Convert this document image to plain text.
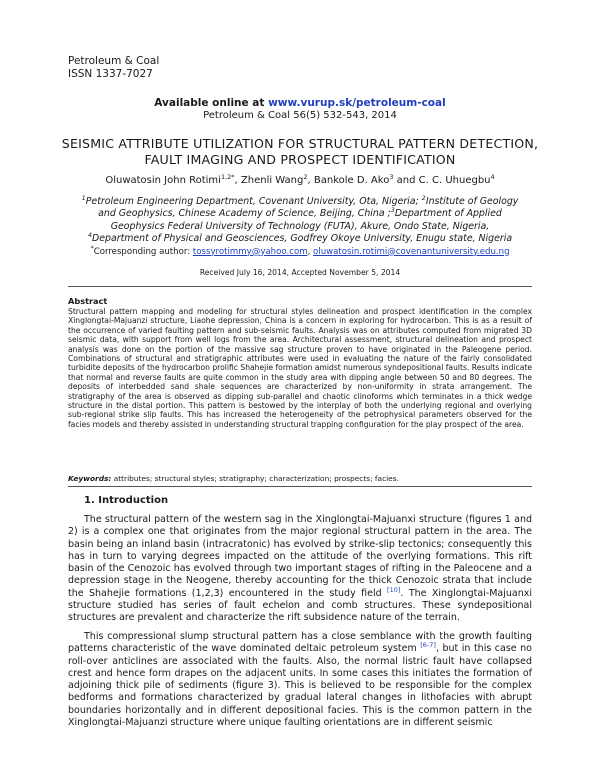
Petroleum & Coal
ISSN 1337-7027
Available online at www.vurup.sk/petroleum-coal
Petroleum & Coal 56(5) 532-543, 2014
SEISMIC ATTRIBUTE UTILIZATION FOR STRUCTURAL PATTERN DETECTION,
FAULT IMAGING AND PROSPECT IDENTIFICATION
Oluwatosin John Rotimi$^{1,2*}$, Zhenli Wang$^2$, Bankole D. Ako$^3$ and C. C. Uhuegbu$^4$
$^1$Petroleum Engineering Department, Covenant University, Ota, Nigeria; $^2$Institute of Geology
and Geophysics, Chinese Academy of Science, Beijing, China ;$^3$Department of Applied
Geophysics Federal University of Technology (FUTA), Akure, Ondo State, Nigeria,
$^4$Department of Physical and Geosciences, Godfrey Okoye University, Enugu state, Nigeria
*Corresponding author: tossyrotimmy@yahoo.com, oluwatosin.rotimi@covenantuniversity.edu.ng
Received July 16, 2014, Accepted November 5, 2014
Abstract
Structural pattern mapping and modeling for structural styles delineation and prospect identification in the complex Xinglongtai-Majuanzi structure, Liaohe depression, China is a concern in exploring for hydrocarbon. This is as a result of the occurrence of varied faulting pattern and sub-seismic faults. Analysis was on attributes computed from migrated 3D seismic data, with support from well logs from the area. Architectural assessment, structural delineation and prospect analysis was done on the portion of the massive sag structure proven to have originated in the Paleogene period. Combinations of structural and stratigraphic attributes were used in evaluating the nature of the fairly consolidated turbidite deposits of the hydrocarbon prolific Shahejie formation amidst numerous syndepositional faults. Results indicate that normal and reverse faults are quite common in the study area with dipping angle between 50 and 80 degrees. The deposits of interbedded sand shale sequences are characterized by non-uniformity in strata arrangement. The stratigraphy of the area is observed as dipping sub-parallel and chaotic clinoforms which terminates in a thick wedge structure in the distal portion. This pattern is bestowed by the interplay of both the underlying regional and overlying sub-regional strike slip faults. This has increased the heterogeneity of the petrophysical parameters observed for the facies models and thereby assisted in understanding structural trapping configuration for the play prospect of the area.
Keywords: attributes; structural styles; stratigraphy; characterization; prospects; facies.
1. Introduction
The structural pattern of the western sag in the Xinglongtai-Majuanxi structure (figures 1 and 2) is a complex one that originates from the major regional structural pattern in the area. The basin being an inland basin (intracratonic) has evolved by strike-slip tectonics; consequently this has in turn to varying degrees impacted on the attitude of the overlying formations. This rift basin of the Cenozoic has evolved through two important stages of rifting in the Paleocene and a depression stage in the Neogene, thereby accounting for the thick Cenozoic strata that include the Shahejie formations (1,2,3) encountered in the study field [10]. The Xinglongtai-Majuanxi structure studied has series of fault echelon and comb structures. These syndepositional structures are prevalent and characterize the rift subsidence nature of the terrain.
This compressional slump structural pattern has a close semblance with the growth faulting patterns characteristic of the wave dominated deltaic petroleum system [6-7], but in this case no roll-over anticlines are associated with the faults. Also, the normal listric fault have collapsed crest and hence form drapes on the adjacent units. In some cases this initiates the formation of adjoining thick pile of sediments (figure 3). This is believed to be responsible for the complex bedforms and formations characterized by gradual lateral changes in lithofacies with abrupt boundaries horizontally and in different depositional facies. This is the common pattern in the Xinglongtai-Majuanzi structure where unique faulting orientations are in different seismic
